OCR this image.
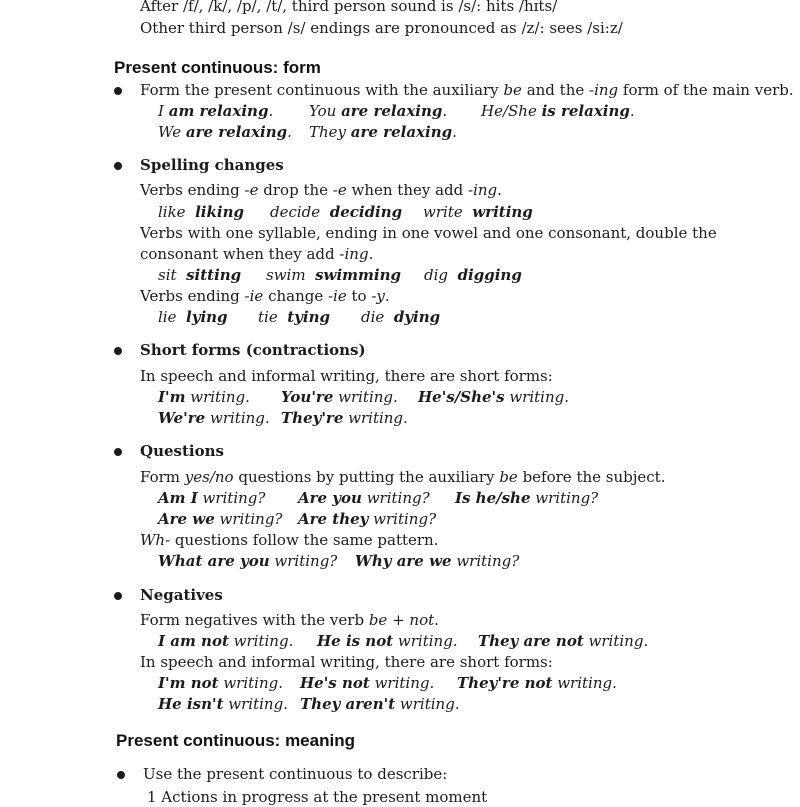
After /f/, /k/, /p/, /t/, third person sound is /s/: hits /hɪts/
Other third person /s/ endings are pronounced as /z/: sees /si:z/
Present continuous: form
Form the present continuous with the auxiliary be and the -ing form of the main verb.
I am relaxing. You are relaxing. He/She is relaxing.
We are relaxing. They are relaxing.
Spelling changes
Verbs ending -e drop the -e when they add -ing.
like liking decide deciding write writing
Verbs with one syllable, ending in one vowel and one consonant, double the
consonant when they add -ing.
sit sitting swim swimming dig digging
Verbs ending -ie change -ie to -y.
lie lying tie tying die dying
Short forms (contractions)
In speech and informal writing, there are short forms:
I'm writing. You're writing. He's/She's writing.
We're writing. They're writing.
Questions
Form yes/no questions by putting the auxiliary be before the subject.
Am I writing? Are you writing? Is he/she writing?
Are we writing? Are they writing?
Wh- questions follow the same pattern.
What are you writing? Why are we writing?
Negatives
Form negatives with the verb be + not.
I am not writing. He is not writing. They are not writing.
In speech and informal writing, there are short forms:
I'm not writing. He's not writing. They're not writing.
He isn't writing. They aren't writing.
Present continuous: meaning
Use the present continuous to describe:
1 Actions in progress at the present moment
